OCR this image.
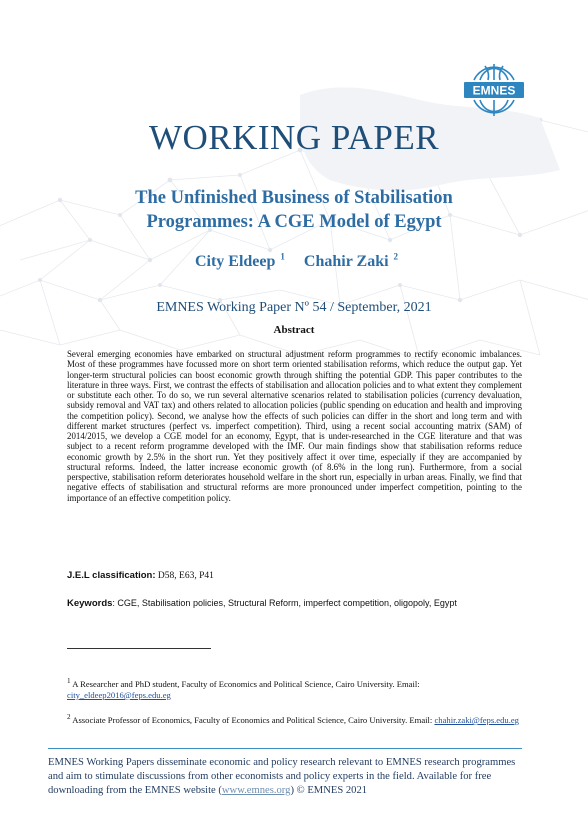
EMNES
WORKING PAPER
The Unfinished Business of Stabilisation
Programmes: A CGE Model of Egypt
City Eldeep $^1$ Chahir Zaki $^2$
EMNES Working Paper Nº 54 / September, 2021
Abstract

Several emerging economies have embarked on structural adjustment reform programmes to rectify economic imbalances. Most of these programmes have focussed more on short term oriented stabilisation reforms, which reduce the output gap. Yet longer-term structural policies can boost economic growth through shifting the potential GDP. This paper contributes to the literature in three ways. First, we contrast the effects of stabilisation and allocation policies and to what extent they complement or substitute each other. To do so, we run several alternative scenarios related to stabilisation policies (currency devaluation, subsidy removal and VAT tax) and others related to allocation policies (public spending on education and health and improving the competition policy). Second, we analyse how the effects of such policies can differ in the short and long term and with different market structures (perfect vs. imperfect competition). Third, using a recent social accounting matrix (SAM) of 2014/2015, we develop a CGE model for an economy, Egypt, that is under-researched in the CGE literature and that was subject to a recent reform programme developed with the IMF. Our main findings show that stabilisation reforms reduce economic growth by 2.5% in the short run. Yet they positively affect it over time, especially if they are accompanied by structural reforms. Indeed, the latter increase economic growth (of 8.6% in the long run). Furthermore, from a social perspective, stabilisation reform deteriorates household welfare in the short run, especially in urban areas. Finally, we find that negative effects of stabilisation and structural reforms are more pronounced under imperfect competition, pointing to the importance of an effective competition policy.

J.E.L classification: D58, E63, P41
Keywords: CGE, Stabilisation policies, Structural Reform, imperfect competition, oligopoly, Egypt
$^1$ A Researcher and PhD student, Faculty of Economics and Political Science, Cairo University. Email: city_eldeep2016@feps.edu.eg
$^2$ Associate Professor of Economics, Faculty of Economics and Political Science, Cairo University. Email: chahir.zaki@feps.edu.eg
EMNES Working Papers disseminate economic and policy research relevant to EMNES research programmes and aim to stimulate discussions from other economists and policy experts in the field. Available for free downloading from the EMNES website (www.emnes.org) © EMNES 2021
